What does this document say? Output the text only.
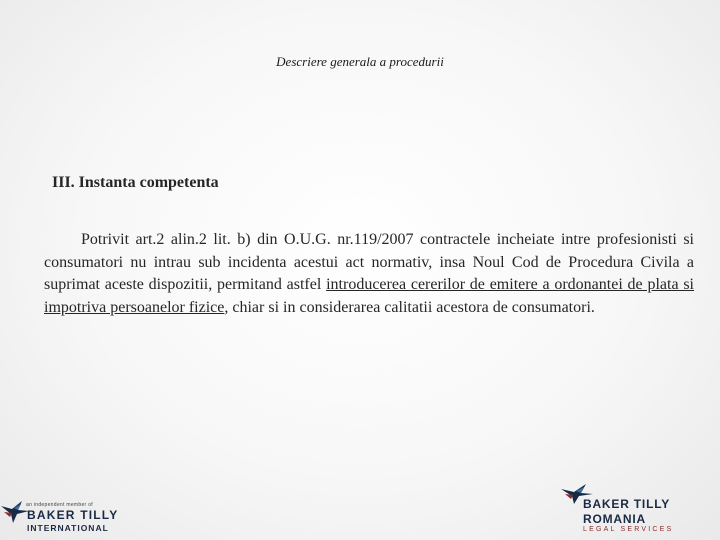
Descriere generala a procedurii
III. Instanta competenta

Potrivit art.2 alin.2 lit. b) din O.U.G. nr.119/2007 contractele incheiate intre profesionisti si consumatori nu intrau sub incidenta acestui act normativ, insa Noul Cod de Procedura Civila a suprimat aceste dispozitii, permitand astfel introducerea cererilor de emitere a ordonantei de plata si impotriva persoanelor fizice, chiar si in considerarea calitatii acestora de consumatori.

an independent member of
BAKER TILLY
INTERNATIONAL
BAKER TILLY
ROMANIA
LEGAL SERVICES
